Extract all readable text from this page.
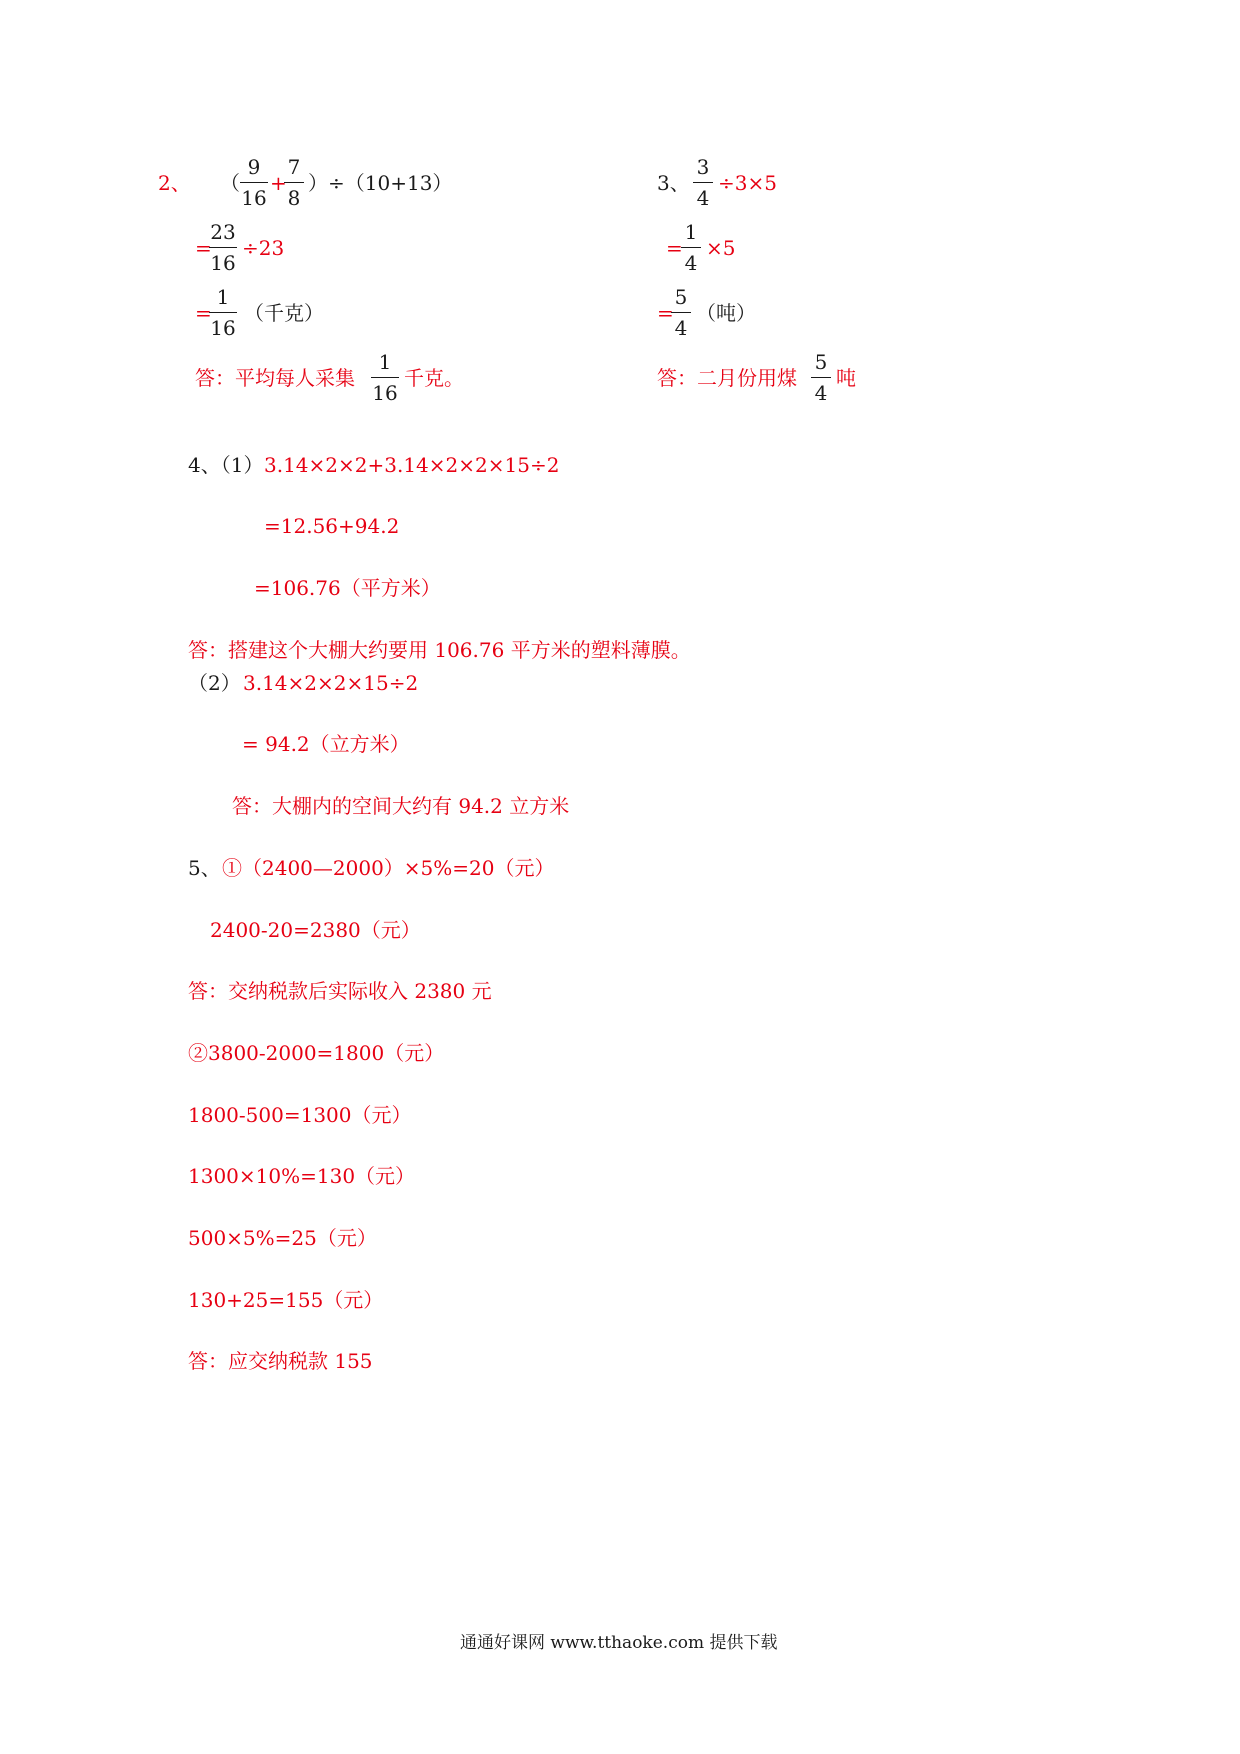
2、 （
9
16
+
7
8
）÷（10+13）
=
23
16
÷23
=
1
16
（千克）
答：平均每人采集
1
16
千克。
3、
3
4
÷3×5
=
1
4
×5
=
5
4
（吨）
答：二月份用煤
5
4
吨
4、（1） 3.14×2×2+3.14×2×2×15÷2
=12.56+94.2
=106.76（平方米）
答：搭建这个大棚大约要用 106.76 平方米的塑料薄膜。
（2） 3.14×2×2×15÷2
= 94.2（立方米）
答：大棚内的空间大约有 94.2 立方米
5、 ①（2400—2000）×5%=20（元）
2400-20=2380（元）
答：交纳税款后实际收入 2380 元
②3800-2000=1800（元）
1800-500=1300（元）
1300×10%=130（元）
500×5%=25（元）
130+25=155（元）
答：应交纳税款 155
通通好课网 www.tthaoke.com 提供下载
